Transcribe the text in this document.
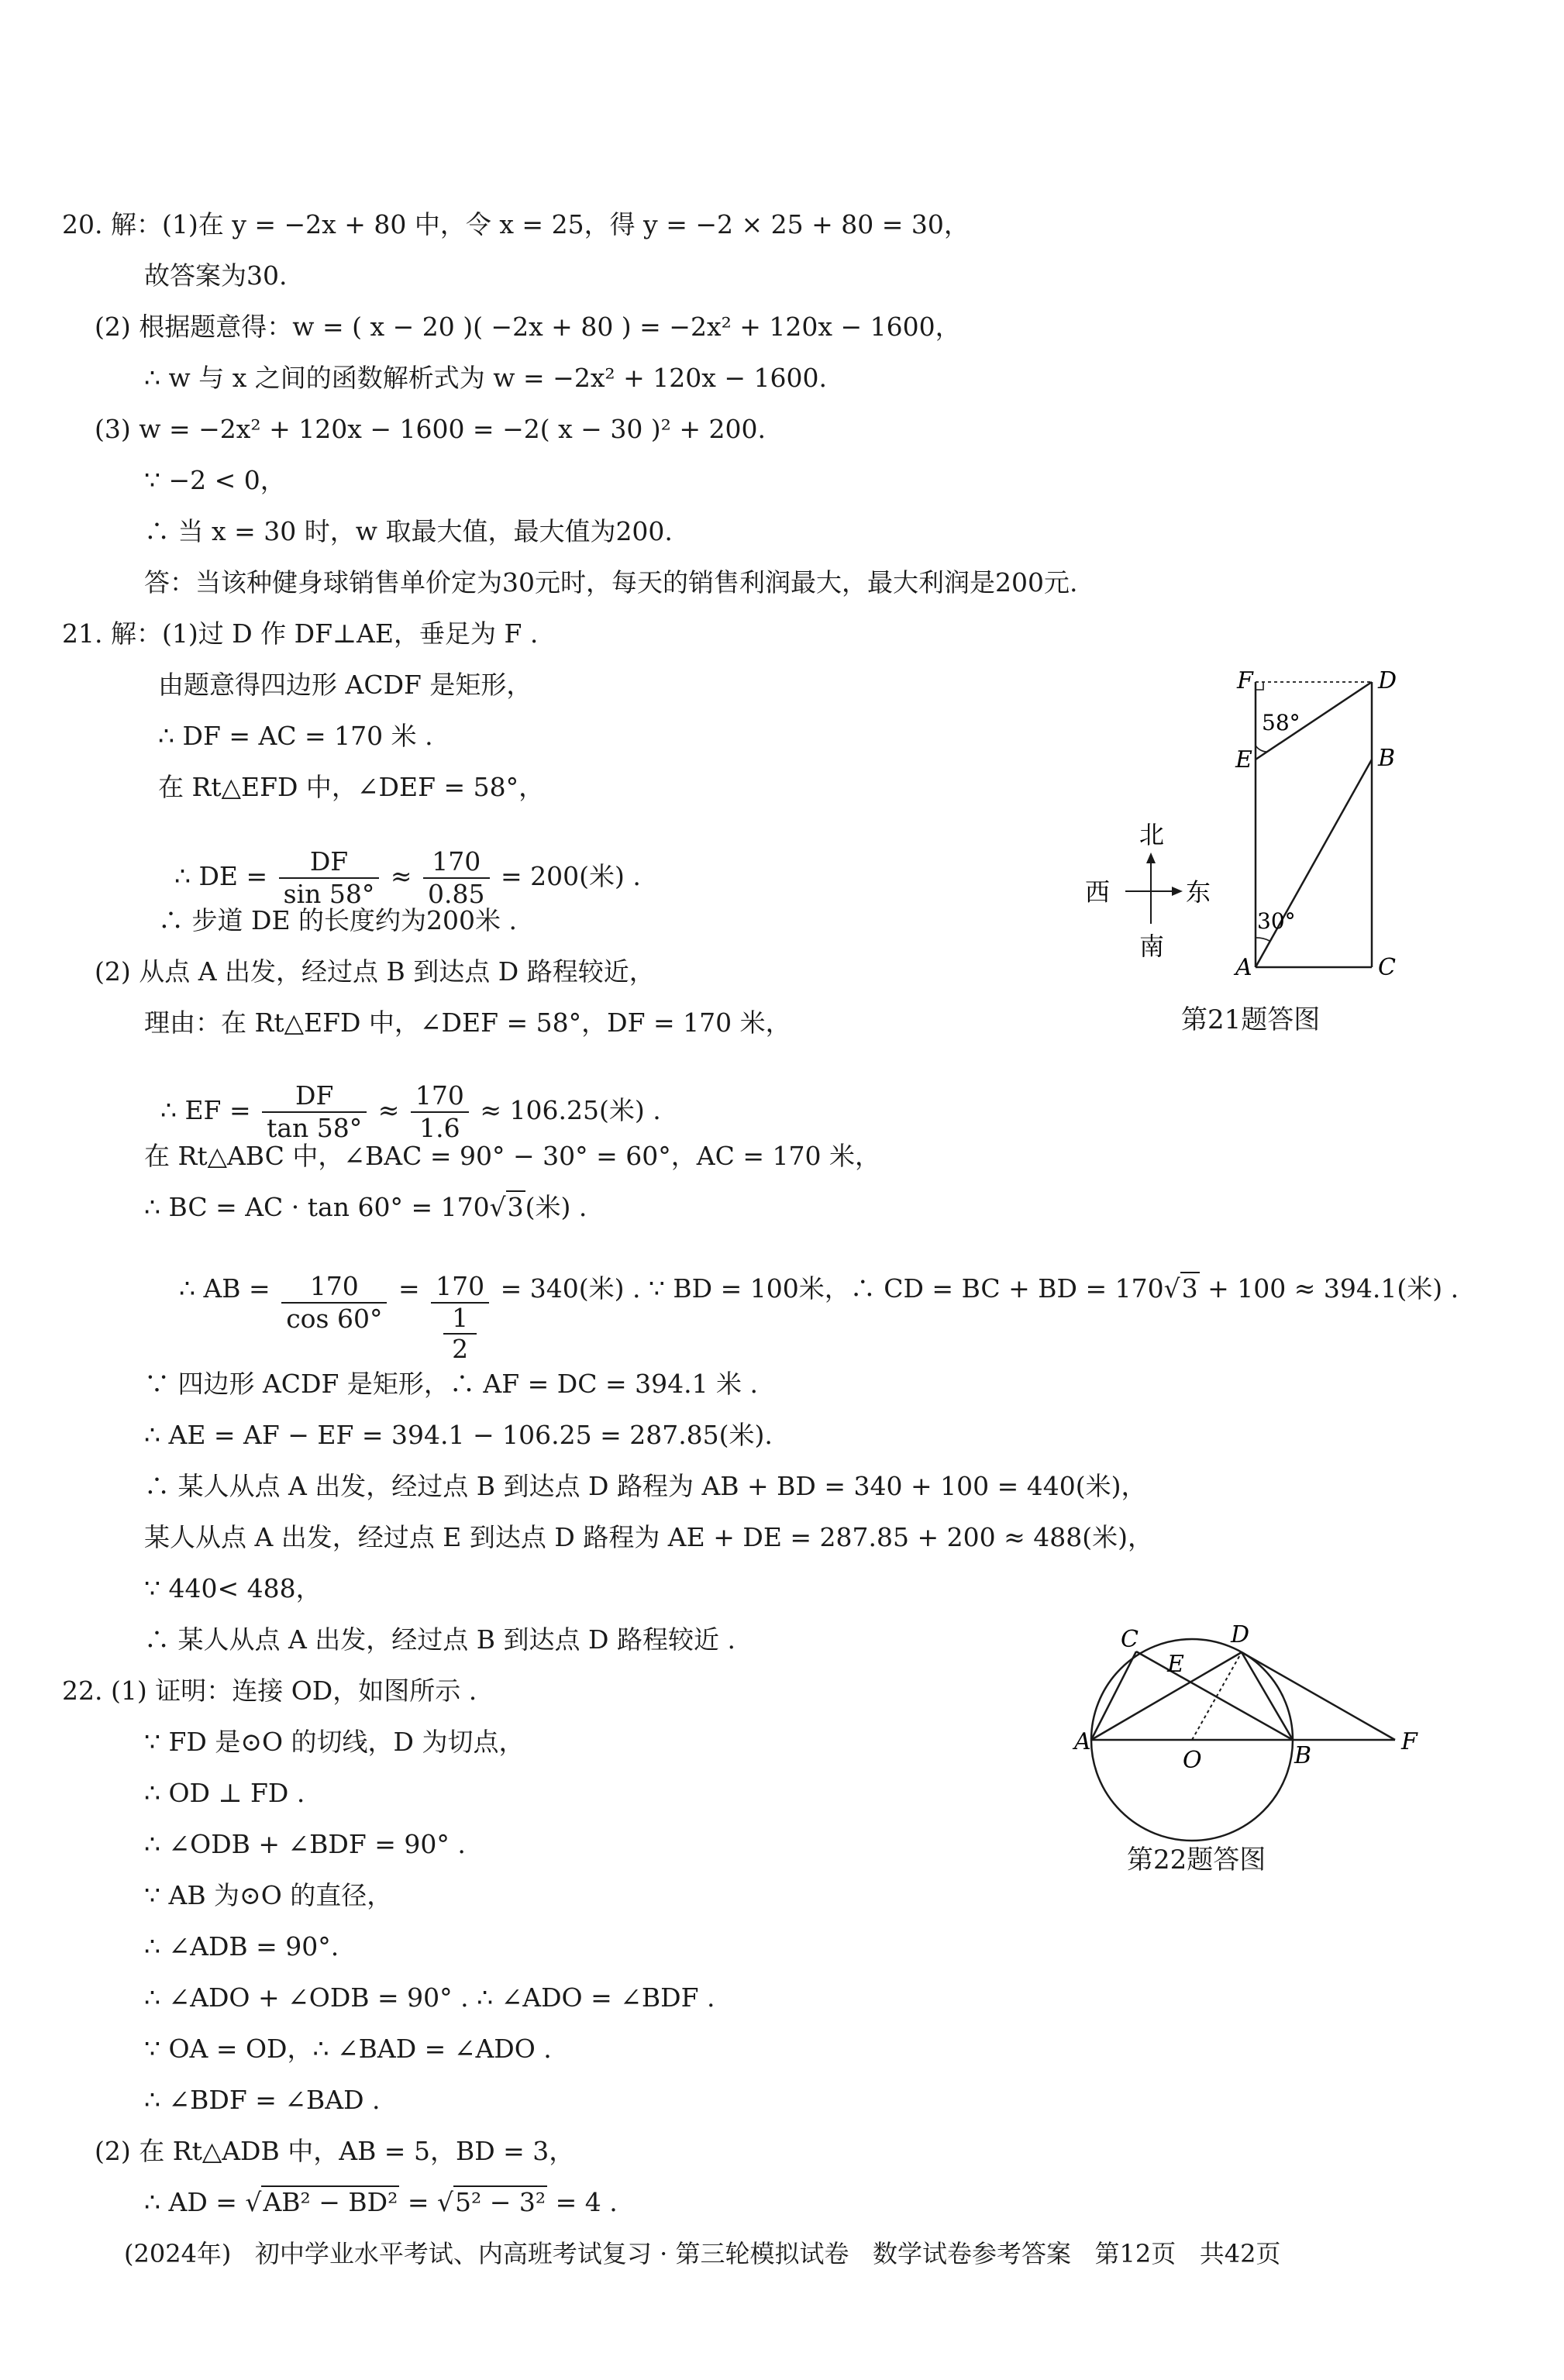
20. 解：(1)在 y = −2x + 80 中，令 x = 25，得 y = −2 × 25 + 80 = 30，
故答案为30.
(2) 根据题意得：w = ( x − 20 )( −2x + 80 ) = −2x² + 120x − 1600，
∴ w 与 x 之间的函数解析式为 w = −2x² + 120x − 1600.
(3) w = −2x² + 120x − 1600 = −2( x − 30 )² + 200.
∵ −2 < 0，
∴ 当 x = 30 时，w 取最大值，最大值为200.
答：当该种健身球销售单价定为30元时，每天的销售利润最大，最大利润是200元.
21. 解：(1)过 D 作 DF⊥AE，垂足为 F .
由题意得四边形 ACDF 是矩形，
∴ DF = AC = 170 米 .
在 Rt△EFD 中，∠DEF = 58°，

∴ DE = $\frac{DF}{\sin 58^\circ} \approx \frac{170}{0.85} = 200$(米) .

∴ 步道 DE 的长度约为200米 .
(2) 从点 A 出发，经过点 B 到达点 D 路程较近，
理由：在 Rt△EFD 中，∠DEF = 58°，DF = 170 米，

∴ EF = $\frac{DF}{\tan 58^\circ} \approx \frac{170}{1.6} \approx 106.25$(米) .

在 Rt△ABC 中，∠BAC = 90° − 30° = 60°，AC = 170 米，
∴ BC = AC · tan 60° = 170√3(米) .

∴ AB = $\frac{170}{\cos 60^\circ} = 170$
1
2 = 340(米) . ∵ BD = 100米，∴ CD = BC + BD = 170√3 + 100 ≈ 394.1(米) .

∵ 四边形 ACDF 是矩形，∴ AF = DC = 394.1 米 .
∴ AE = AF − EF = 394.1 − 106.25 = 287.85(米).
∴ 某人从点 A 出发，经过点 B 到达点 D 路程为 AB + BD = 340 + 100 = 440(米)，
某人从点 A 出发，经过点 E 到达点 D 路程为 AE + DE = 287.85 + 200 ≈ 488(米)，
∵ 440< 488，
∴ 某人从点 A 出发，经过点 B 到达点 D 路程较近 .
22. (1) 证明：连接 OD，如图所示 .
∵ FD 是⊙O 的切线，D 为切点，
∴ OD ⊥ FD .
∴ ∠ODB + ∠BDF = 90° .
∵ AB 为⊙O 的直径，
∴ ∠ADB = 90°.
∴ ∠ADO + ∠ODB = 90° . ∴ ∠ADO = ∠BDF .
∵ OA = OD，∴ ∠BAD = ∠ADO .
∴ ∠BDF = ∠BAD .
(2) 在 Rt△ADB 中，AB = 5，BD = 3，
∴ AD = √AB² − BD² = √5² − 3² = 4 .
F	D
E	B
A	C
58°
30°
北
南
东
西
第21题答图
A
B
C	D
E
F
O
第22题答图
(2024年)   初中学业水平考试、内高班考试复习 · 第三轮模拟试卷   数学试卷参考答案   第12页   共42页
